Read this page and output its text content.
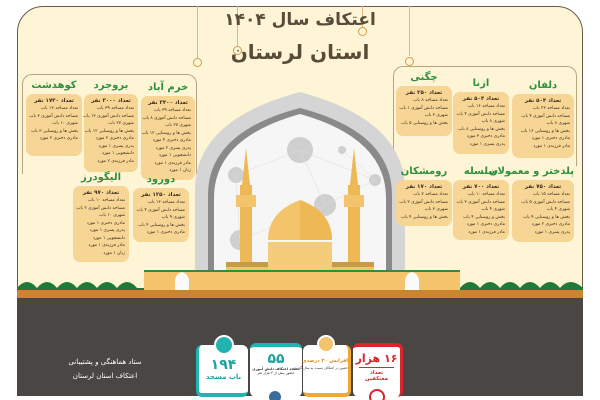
اعتکاف سال ۱۴۰۴
استان لرستان
کوهدشت
تعداد ۱۷۳۰ نفر
تعداد مساجد ۱۳ باب
مساجد دانش آموزی ۳ باب
شهری ۱۰ باب
بخش ها و روستایی ۳ باب
مادری دختری ۲ مورد
بروجرد
تعداد ۳۰۰۰ نفر
تعداد مساجد ۳۹ باب
مساجد دانش آموزی ۱۳ باب
شهری ۲۷ باب
بخش ها و روستایی ۱۲ باب
مادری دختری ۲ مورد
پدری پسری ۱ مورد
دانشجویی ۱ مورد
مادر فرزندی ۲ مورد
خرم آباد
تعداد ۳۴۰۰ نفر
تعداد مساجد ۳۹ باب
مساجد دانش آموزی ۸ باب
شهری ۲۷ باب
بخش ها و روستایی ۱۲ باب
مادری دختری ۴ مورد
پدری پسری ۲ مورد
دانشجویی ۱ مورد
مادر فرزندی ۱ مورد
زنان ۱ مورد
الیگودرز
تعداد ۹۷۰ نفر
تعداد مساجد ۱۰ باب
مساجد دانش آموزی ۲ باب
شهری ۱۰ باب
مادری دختری ۱ مورد
پدری پسری ۱ مورد
دانشجویی ۱ مورد
مادر فرزندی ۱ مورد
زنان ۱ مورد
دورود
تعداد ۱۲۵۰ نفر
تعداد مساجد ۱۳ باب
مساجد دانش آموزی ۴ باب
شهری ۹ باب
بخش ها و روستایی ۴ باب
مادری دختری ۱ مورد
چگنی
تعداد ۲۵۰ نفر
تعداد مساجد ۸ باب
مساجد دانش آموزی ۱ باب
شهری ۳ باب
بخش ها و روستایی ۵ باب
ازنا
تعداد ۵۰۴ نفر
تعداد مساجد ۱۶ باب
مساجد دانش آموزی ۴ باب
شهری ۸ باب
بخش ها و روستایی ۸ باب
مادری دختری ۳ مورد
پدری پسری ۱ مورد
دلفان
تعداد ۵۰۴ نفر
تعداد مساجد ۲۳ باب
مساجد دانش آموزی ۴ باب
شهری ۸ باب
بخش ها و روستایی ۱۶ باب
مادری دختری ۱ مورد
مادر فرزندی ۱ مورد
رومشکان
تعداد ۱۷۰ نفر
تعداد مساجد ۷ باب
مساجد دانش آموزی ۲ باب
شهری ۳ باب
بخش ها و روستایی ۴ باب
سلسله
تعداد ۷۰۰ نفر
تعداد مساجد ۱۰ باب
مساجد دانش آموزی ۳ باب
شهری ۴ باب
بخش و روستایی ۴ باب
مادری دختری ۱ مورد
مادر فرزندی ۱ مورد
پلدختر و معمولان
تعداد ۷۵۰ نفر
تعداد مساجد ۱۵ باب
مساجد دانش آموزی ۵ باب
شهری ۴ باب
بخش ها و روستایی ۹ باب
مادری دختری ۲ مورد
پدری پسری ۱ مورد
ستاد هماهنگی و پشتیبانی
اعتکاف استان لرستان
۱۹۴
باب مسجد
۵۵
مسجد اعتکاف دانش آموزی
حضور بیش از ۳ هزار نفر
افزایش ۲۰ درصدی
حضور در اعتکاف نسبت به سال گذشته
۱۶ هزار
تعداد معتکفین
